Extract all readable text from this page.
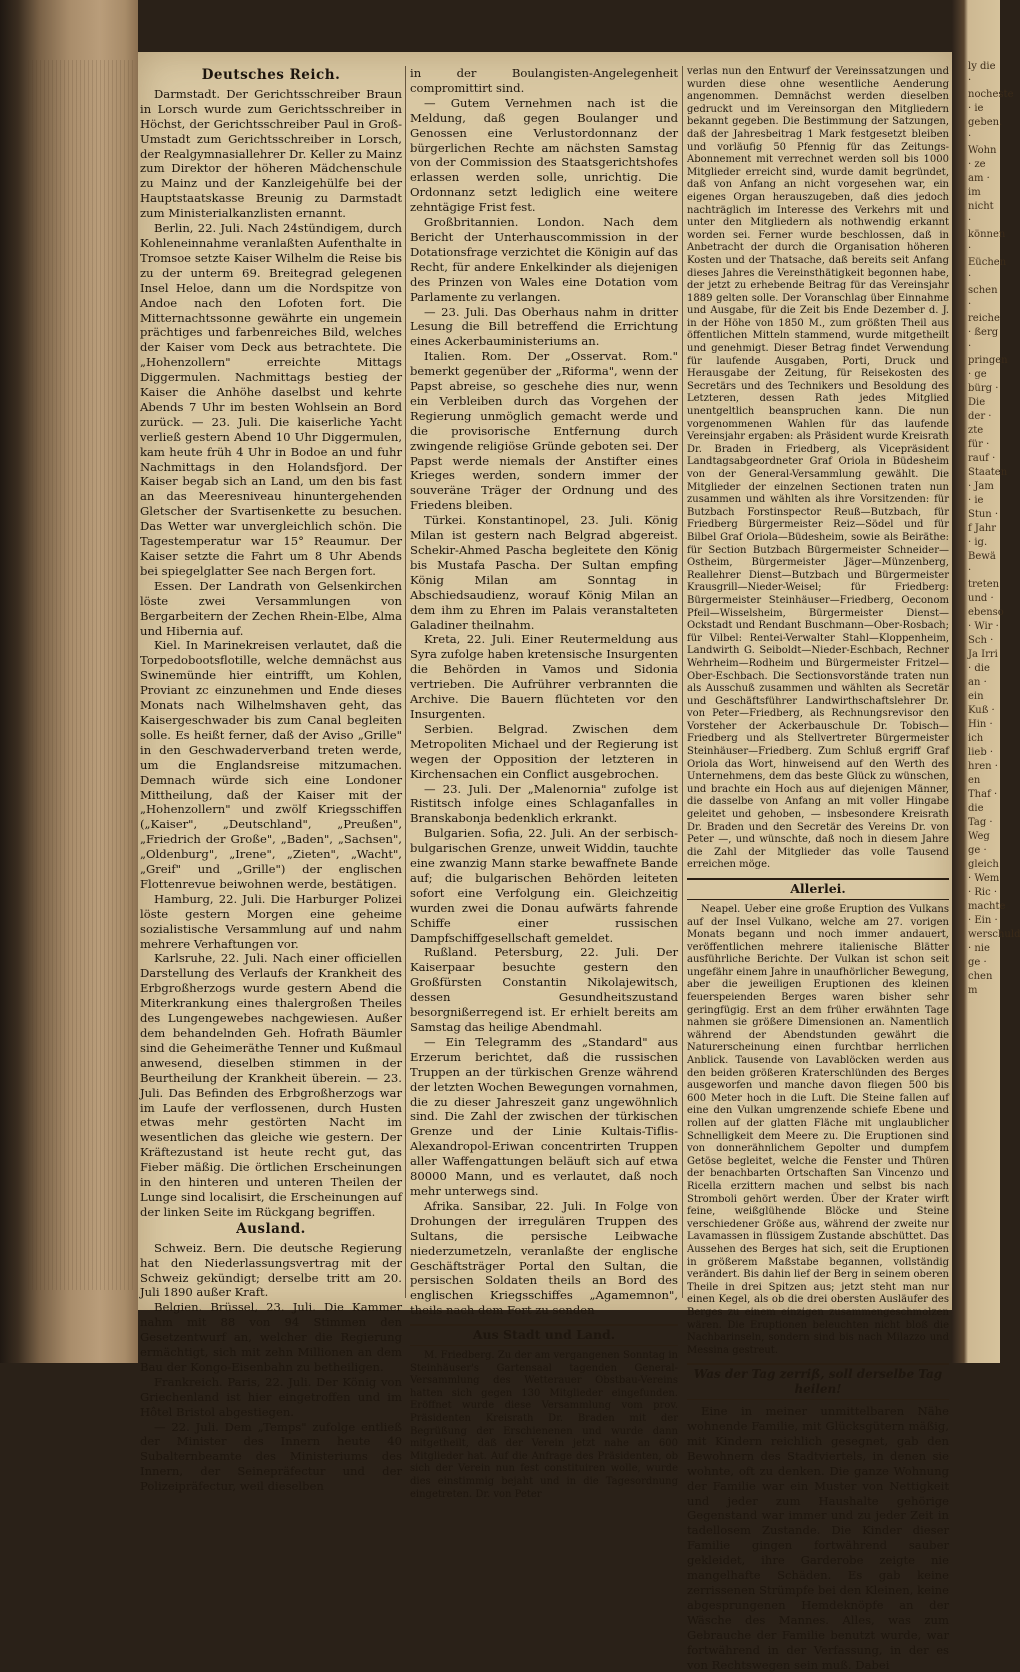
Deutsches Reich.

Darmstadt. Der Gerichtsschreiber Braun in Lorsch wurde zum Gerichtsschreiber in Höchst, der Gerichtsschreiber Paul in Groß-Umstadt zum Gerichtsschreiber in Lorsch, der Realgymnasiallehrer Dr. Keller zu Mainz zum Direktor der höheren Mädchenschule zu Mainz und der Kanzleigehülfe bei der Hauptstaatskasse Breunig zu Darmstadt zum Ministerialkanzlisten ernannt.

Berlin, 22. Juli. Nach 24stündigem, durch Kohleneinnahme veranlaßten Aufenthalte in Tromsoe setzte Kaiser Wilhelm die Reise bis zu der unterm 69. Breitegrad gelegenen Insel Heloe, dann um die Nordspitze von Andoe nach den Lofoten fort. Die Mitternachtssonne gewährte ein ungemein prächtiges und farbenreiches Bild, welches der Kaiser vom Deck aus betrachtete. Die „Hohenzollern" erreichte Mittags Diggermulen. Nachmittags bestieg der Kaiser die Anhöhe daselbst und kehrte Abends 7 Uhr im besten Wohlsein an Bord zurück. — 23. Juli. Die kaiserliche Yacht verließ gestern Abend 10 Uhr Diggermulen, kam heute früh 4 Uhr in Bodoe an und fuhr Nachmittags in den Holandsfjord. Der Kaiser begab sich an Land, um den bis fast an das Meeresniveau hinuntergehenden Gletscher der Svartisenkette zu besuchen. Das Wetter war unvergleichlich schön. Die Tagestemperatur war 15° Reaumur. Der Kaiser setzte die Fahrt um 8 Uhr Abends bei spiegelglatter See nach Bergen fort.

Essen. Der Landrath von Gelsenkirchen löste zwei Versammlungen von Bergarbeitern der Zechen Rhein-Elbe, Alma und Hibernia auf.

Kiel. In Marinekreisen verlautet, daß die Torpedobootsflotille, welche demnächst aus Swinemünde hier eintrifft, um Kohlen, Proviant zc einzunehmen und Ende dieses Monats nach Wilhelmshaven geht, das Kaisergeschwader bis zum Canal begleiten solle. Es heißt ferner, daß der Aviso „Grille" in den Geschwaderverband treten werde, um die Englandsreise mitzumachen. Demnach würde sich eine Londoner Mittheilung, daß der Kaiser mit der „Hohenzollern" und zwölf Kriegsschiffen („Kaiser", „Deutschland", „Preußen", „Friedrich der Große", „Baden", „Sachsen", „Oldenburg", „Irene", „Zieten", „Wacht", „Greif" und „Grille") der englischen Flottenrevue beiwohnen werde, bestätigen.

Hamburg, 22. Juli. Die Harburger Polizei löste gestern Morgen eine geheime sozialistische Versammlung auf und nahm mehrere Verhaftungen vor.

Karlsruhe, 22. Juli. Nach einer officiellen Darstellung des Verlaufs der Krankheit des Erbgroßherzogs wurde gestern Abend die Miterkrankung eines thalergroßen Theiles des Lungengewebes nachgewiesen. Außer dem behandelnden Geh. Hofrath Bäumler sind die Geheimeräthe Tenner und Kußmaul anwesend, dieselben stimmen in der Beurtheilung der Krankheit überein. — 23. Juli. Das Befinden des Erbgroßherzogs war im Laufe der verflossenen, durch Husten etwas mehr gestörten Nacht im wesentlichen das gleiche wie gestern. Der Kräftezustand ist heute recht gut, das Fieber mäßig. Die örtlichen Erscheinungen in den hinteren und unteren Theilen der Lunge sind localisirt, die Erscheinungen auf der linken Seite im Rückgang begriffen.

Ausland.

Schweiz. Bern. Die deutsche Regierung hat den Niederlassungsvertrag mit der Schweiz gekündigt; derselbe tritt am 20. Juli 1890 außer Kraft.

Belgien. Brüssel, 23. Juli. Die Kammer nahm mit 88 von 94 Stimmen den Gesetzentwurf an, welcher die Regierung ermächtigt, sich mit zehn Millionen an dem Bau der Kongo-Eisenbahn zu betheiligen.

Frankreich. Paris, 22. Juli. Der König von Griechenland ist hier eingetroffen und im Hôtel Bristol abgestiegen.

— 22. Juli. Dem „Temps" zufolge entließ der Minister des Innern heute 40 Subalternbeamte des Ministeriums des Innern, der Seinepräfectur und der Polizeipräfectur, weil dieselben

in der Boulangisten-Angelegenheit compromittirt sind.

— Gutem Vernehmen nach ist die Meldung, daß gegen Boulanger und Genossen eine Verlustordonnanz der bürgerlichen Rechte am nächsten Samstag von der Commission des Staatsgerichtshofes erlassen werden solle, unrichtig. Die Ordonnanz setzt lediglich eine weitere zehntägige Frist fest.

Großbritannien. London. Nach dem Bericht der Unterhauscommission in der Dotationsfrage verzichtet die Königin auf das Recht, für andere Enkelkinder als diejenigen des Prinzen von Wales eine Dotation vom Parlamente zu verlangen.

— 23. Juli. Das Oberhaus nahm in dritter Lesung die Bill betreffend die Errichtung eines Ackerbauministeriums an.

Italien. Rom. Der „Osservat. Rom." bemerkt gegenüber der „Riforma", wenn der Papst abreise, so geschehe dies nur, wenn ein Verbleiben durch das Vorgehen der Regierung unmöglich gemacht werde und die provisorische Entfernung durch zwingende religiöse Gründe geboten sei. Der Papst werde niemals der Anstifter eines Krieges werden, sondern immer der souveräne Träger der Ordnung und des Friedens bleiben.

Türkei. Konstantinopel, 23. Juli. König Milan ist gestern nach Belgrad abgereist. Schekir-Ahmed Pascha begleitete den König bis Mustafa Pascha. Der Sultan empfing König Milan am Sonntag in Abschiedsaudienz, worauf König Milan an dem ihm zu Ehren im Palais veranstalteten Galadiner theilnahm.

Kreta, 22. Juli. Einer Reutermeldung aus Syra zufolge haben kretensische Insurgenten die Behörden in Vamos und Sidonia vertrieben. Die Aufrührer verbrannten die Archive. Die Bauern flüchteten vor den Insurgenten.

Serbien. Belgrad. Zwischen dem Metropoliten Michael und der Regierung ist wegen der Opposition der letzteren in Kirchensachen ein Conflict ausgebrochen.

— 23. Juli. Der „Malenornia" zufolge ist Ristitsch infolge eines Schlaganfalles in Branskabonja bedenklich erkrankt.

Bulgarien. Sofia, 22. Juli. An der serbisch-bulgarischen Grenze, unweit Widdin, tauchte eine zwanzig Mann starke bewaffnete Bande auf; die bulgarischen Behörden leiteten sofort eine Verfolgung ein. Gleichzeitig wurden zwei die Donau aufwärts fahrende Schiffe einer russischen Dampfschiffgesellschaft gemeldet.

Rußland. Petersburg, 22. Juli. Der Kaiserpaar besuchte gestern den Großfürsten Constantin Nikolajewitsch, dessen Gesundheitszustand besorgnißerregend ist. Er erhielt bereits am Samstag das heilige Abendmahl.

— Ein Telegramm des „Standard" aus Erzerum berichtet, daß die russischen Truppen an der türkischen Grenze während der letzten Wochen Bewegungen vornahmen, die zu dieser Jahreszeit ganz ungewöhnlich sind. Die Zahl der zwischen der türkischen Grenze und der Linie Kultais-Tiflis-Alexandropol-Eriwan concentrirten Truppen aller Waffengattungen beläuft sich auf etwa 80000 Mann, und es verlautet, daß noch mehr unterwegs sind.

Afrika. Sansibar, 22. Juli. In Folge von Drohungen der irregulären Truppen des Sultans, die persische Leibwache niederzumetzeln, veranlaßte der englische Geschäftsträger Portal den Sultan, die persischen Soldaten theils an Bord des englischen Kriegsschiffes „Agamemnon", theils nach dem Fort zu senden

Aus Stadt und Land.

M. Friedberg. Zu der am vergangenen Sonntag in Steinhäuser's Gartensaal tagenden General-Versammlung des Wetterauer Obstbau-Vereins hatten sich gegen 130 Mitglieder eingefunden. Eröffnet wurde diese Versammlung vom prov. Präsidenten Kreisrath Dr. Braden mit der Begrüßung der Erschienenen und wurde dann mitgetheilt, daß der Verein jetzt nahe an 600 Mitglieder hat. Auf die Anfrage des Präsidenten, ob sich der Verein nun fest constituiren wolle, wurde dies einstimmig bejaht und in die Tagesordnung eingetreten. Dr. von Peter

verlas nun den Entwurf der Vereinssatzungen und wurden diese ohne wesentliche Aenderung angenommen. Demnächst werden dieselben gedruckt und im Vereinsorgan den Mitgliedern bekannt gegeben. Die Bestimmung der Satzungen, daß der Jahresbeitrag 1 Mark festgesetzt bleiben und vorläufig 50 Pfennig für das Zeitungs-Abonnement mit verrechnet werden soll bis 1000 Mitglieder erreicht sind, wurde damit begründet, daß von Anfang an nicht vorgesehen war, ein eigenes Organ herauszugeben, daß dies jedoch nachträglich im Interesse des Verkehrs mit und unter den Mitgliedern als nothwendig erkannt worden sei. Ferner wurde beschlossen, daß in Anbetracht der durch die Organisation höheren Kosten und der Thatsache, daß bereits seit Anfang dieses Jahres die Vereinsthätigkeit begonnen habe, der jetzt zu erhebende Beitrag für das Vereinsjahr 1889 gelten solle. Der Voranschlag über Einnahme und Ausgabe, für die Zeit bis Ende Dezember d. J. in der Höhe von 1850 M., zum größten Theil aus öffentlichen Mitteln stammend, wurde mitgetheilt und genehmigt. Dieser Betrag findet Verwendung für laufende Ausgaben, Porti, Druck und Herausgabe der Zeitung, für Reisekosten des Secretärs und des Technikers und Besoldung des Letzteren, dessen Rath jedes Mitglied unentgeltlich beanspruchen kann. Die nun vorgenommenen Wahlen für das laufende Vereinsjahr ergaben: als Präsident wurde Kreisrath Dr. Braden in Friedberg, als Vicepräsident Landtagsabgeordneter Graf Oriola in Büdesheim von der General-Versammlung gewählt. Die Mitglieder der einzelnen Sectionen traten nun zusammen und wählten als ihre Vorsitzenden: für Butzbach Forstinspector Reuß—Butzbach, für Friedberg Bürgermeister Reiz—Södel und für Bilbel Graf Oriola—Büdesheim, sowie als Beiräthe: für Section Butzbach Bürgermeister Schneider—Ostheim, Bürgermeister Jäger—Münzenberg, Reallehrer Dienst—Butzbach und Bürgermeister Krausgrill—Nieder-Weisel; für Friedberg: Bürgermeister Steinhäuser—Friedberg, Oeconom Pfeil—Wisselsheim, Bürgermeister Dienst—Ockstadt und Rendant Buschmann—Ober-Rosbach; für Vilbel: Rentei-Verwalter Stahl—Kloppenheim, Landwirth G. Seiboldt—Nieder-Eschbach, Rechner Wehrheim—Rodheim und Bürgermeister Fritzel—Ober-Eschbach. Die Sectionsvorstände traten nun als Ausschuß zusammen und wählten als Secretär und Geschäftsführer Landwirthschaftslehrer Dr. von Peter—Friedberg, als Rechnungsrevisor den Vorsteher der Ackerbauschule Dr. Tobisch—Friedberg und als Stellvertreter Bürgermeister Steinhäuser—Friedberg. Zum Schluß ergriff Graf Oriola das Wort, hinweisend auf den Werth des Unternehmens, dem das beste Glück zu wünschen, und brachte ein Hoch aus auf diejenigen Männer, die dasselbe von Anfang an mit voller Hingabe geleitet und gehoben, — insbesondere Kreisrath Dr. Braden und den Secretär des Vereins Dr. von Peter —, und wünschte, daß noch in diesem Jahre die Zahl der Mitglieder das volle Tausend erreichen möge.

Allerlei.

Neapel. Ueber eine große Eruption des Vulkans auf der Insel Vulkano, welche am 27. vorigen Monats begann und noch immer andauert, veröffentlichen mehrere italienische Blätter ausführliche Berichte. Der Vulkan ist schon seit ungefähr einem Jahre in unaufhörlicher Bewegung, aber die jeweiligen Eruptionen des kleinen feuerspeienden Berges waren bisher sehr geringfügig. Erst an dem früher erwähnten Tage nahmen sie größere Dimensionen an. Namentlich während der Abendstunden gewährt die Naturerscheinung einen furchtbar herrlichen Anblick. Tausende von Lavablöcken werden aus den beiden größeren Kraterschlünden des Berges ausgeworfen und manche davon fliegen 500 bis 600 Meter hoch in die Luft. Die Steine fallen auf eine den Vulkan umgrenzende schiefe Ebene und rollen auf der glatten Fläche mit unglaublicher Schnelligkeit dem Meere zu. Die Eruptionen sind von donnerähnlichem Gepolter und dumpfem Getöse begleitet, welche die Fenster und Thüren der benachbarten Ortschaften San Vincenzo und Ricella erzittern machen und selbst bis nach Stromboli gehört werden. Über der Krater wirft feine, weißglühende Blöcke und Steine verschiedener Größe aus, während der zweite nur Lavamassen in flüssigem Zustande abschüttet. Das Aussehen des Berges hat sich, seit die Eruptionen in größerem Maßstabe begannen, vollständig verändert. Bis dahin lief der Berg in seinem oberen Theile in drei Spitzen aus; jetzt steht man nur einen Kegel, als ob die drei obersten Ausläufer des Berges zu einem einzigen zusammengeschmolzen wären. Die Eruptionen beleuchten nicht bloß die Nachbarinseln, sondern sind bis nach Milazzo und Messina gestreut.

Was der Tag zerriß, soll derselbe Tag heilen!

Eine in meiner unmittelbaren Nähe wohnende Familie, mit Glücksgütern mäßig, mit Kindern reichlich gesegnet, gab den Bewohnern des Stadtviertels, in denen sie wohnte, oft zu denken. Die ganze Wohnung der Familie war ein Muster von Nettigkeit und jeder zum Haushalte gehörige Gegenstand war immer und zu jeder Zeit in tadellosem Zustande. Die Kinder dieser Familie gingen fortwährend sauber gekleidet, ihre Garderobe zeigte nie mangelhafte Schäden. Es gab keine zerrissenen Strümpfe bei den Kleinen, keine abgesprungenen Hemdeknöpfe an der Wäsche des Mannes. Alles, was zum Gebrauche der Familie benutzt wurde, war fortwährend in der Verfassung, in der es von Rechtswegen sein muß. Dabei

ly die · nocheste · ie geben. · Wohn · ze am · im nicht · können · Eüchen · schen · reiche · ßerg · pringen · ge bürg · Die der · zte für · rauf · Staaten · Jam · ie Stun · f Jahr · ig. Bewä · treten und · ebenso · Wir · Sch · Ja Irri · die an · ein Kuß · Hin · ich lieb · hren · en Thaf · die Tag · Weg ge · gleich · Wem · Ric · machte · Ein · werschuld · nie ge · chen m
